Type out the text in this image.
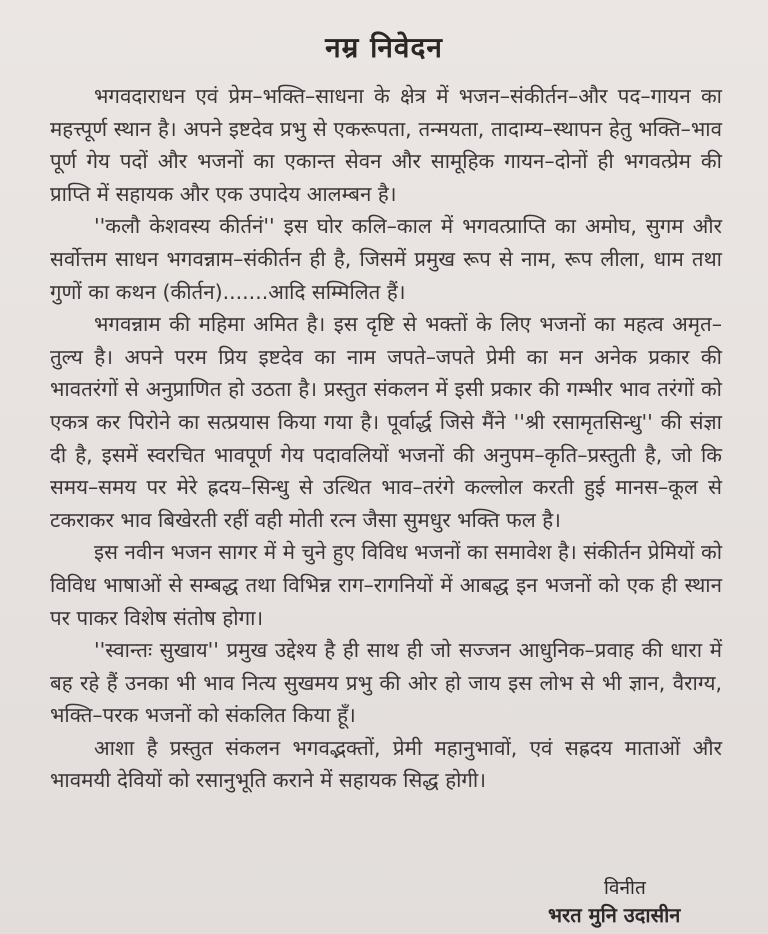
नम्र निवेदन

भगवदाराधन एवं प्रेम–भक्ति–साधना के क्षेत्र में भजन–संकीर्तन–और पद–गायन का महत्त्पूर्ण स्थान है। अपने इष्टदेव प्रभु से एकरूपता, तन्मयता, तादाम्य–स्थापन हेतु भक्ति–भाव पूर्ण गेय पदों और भजनों का एकान्त सेवन और सामूहिक गायन–दोनों ही भगवत्प्रेम की प्राप्ति में सहायक और एक उपादेय आलम्बन है।

''कलौ केशवस्य कीर्तनं'' इस घोर कलि–काल में भगवत्प्राप्ति का अमोघ, सुगम और सर्वोत्तम साधन भगवन्नाम–संकीर्तन ही है, जिसमें प्रमुख रूप से नाम, रूप लीला, धाम तथा गुणों का कथन (कीर्तन).......आदि सम्मिलित हैं।

भगवन्नाम की महिमा अमित है। इस दृष्टि से भक्तों के लिए भजनों का महत्व अमृत–तुल्य है। अपने परम प्रिय इष्टदेव का नाम जपते–जपते प्रेमी का मन अनेक प्रकार की भावतरंगों से अनुप्राणित हो उठता है। प्रस्तुत संकलन में इसी प्रकार की गम्भीर भाव तरंगों को एकत्र कर पिरोने का सत्प्रयास किया गया है। पूर्वार्द्ध जिसे मैंने ''श्री रसामृतसिन्धु'' की संज्ञा दी है, इसमें स्वरचित भावपूर्ण गेय पदावलियों भजनों की अनुपम–कृति–प्रस्तुती है, जो कि समय–समय पर मेरे ह्रदय–सिन्धु से उत्थित भाव–तरंगे कल्लोल करती हुई मानस–कूल से टकराकर भाव बिखेरती रहीं वही मोती रत्न जैसा सुमधुर भक्ति फल है।

इस नवीन भजन सागर में मे चुने हुए विविध भजनों का समावेश है। संकीर्तन प्रेमियों को विविध भाषाओं से सम्बद्ध तथा विभिन्न राग–रागनियों में आबद्ध इन भजनों को एक ही स्थान पर पाकर विशेष संतोष होगा।

''स्वान्तः सुखाय'' प्रमुख उद्देश्य है ही साथ ही जो सज्जन आधुनिक–प्रवाह की धारा में बह रहे हैं उनका भी भाव नित्य सुखमय प्रभु की ओर हो जाय इस लोभ से भी ज्ञान, वैराग्य, भक्ति–परक भजनों को संकलित किया हूँ।

आशा है प्रस्तुत संकलन भगवद्भक्तों, प्रेमी महानुभावों, एवं सह्रदय माताओं और भावमयी देवियों को रसानुभूति कराने में सहायक सिद्ध होगी।

विनीत
भरत मुनि उदासीन
